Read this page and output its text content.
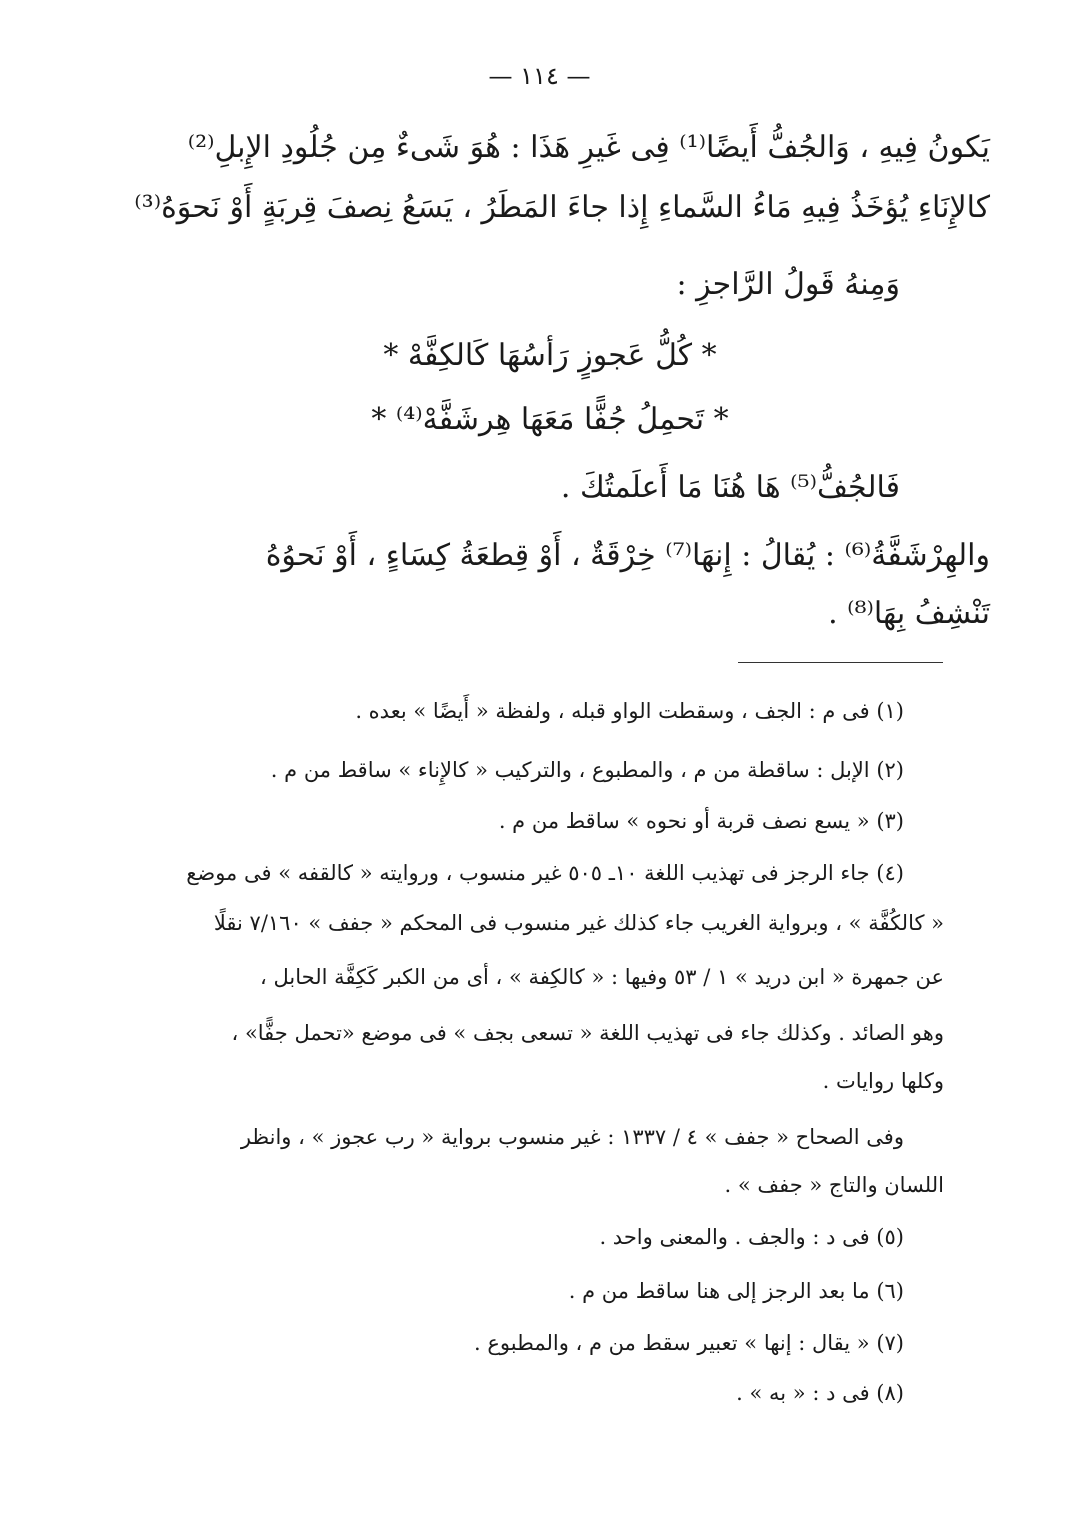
— ١١٤ —
يَكونُ فِيهِ ، وَالجُفُّ أَيضًا⁽¹⁾ فِى غَيرِ هَذَا : هُوَ شَىءٌ مِن جُلُودِ الإِبلِ⁽²⁾
كالإِنَاءِ يُؤخَذُ فِيهِ مَاءُ السَّماءِ إِذا جاءَ المَطَرُ ، يَسَعُ نِصفَ قِربَةٍ أَوْ نَحوَهُ⁽³⁾
وَمِنهُ قَولُ الرَّاجزِ :
* كُلُّ عَجوزٍ رَأسُهَا كَالكِفَّهْ *
* تَحمِلُ جُفًّا مَعَهَا هِرشَفَّهْ⁽⁴⁾ *
فَالجُفُّ⁽⁵⁾ هَا هُنَا مَا أَعلَمتُكَ .
والهِرْشَفَّةُ⁽⁶⁾ : يُقالُ : إِنهَا⁽⁷⁾ خِرْقَةٌ ، أَوْ قِطعَةُ كِسَاءٍ ، أَوْ نَحوُهُ
تَنْشِفُ بِهَا⁽⁸⁾ .
(١) فى م : الجف ، وسقطت الواو قبله ، ولفظة « أَيضًا » بعده .
(٢) الإبل : ساقطة من م ، والمطبوع ، والتركيب « كالإِناء » ساقط من م .
(٣) « يسع نصف قربة أو نحوه » ساقط من م .
(٤) جاء الرجز فى تهذيب اللغة ١٠ـ ٥٠٥ غير منسوب ، وروايته « كالقفه » فى موضع
« كالكُفَّة » ، وبرواية الغريب جاء كذلك غير منسوب فى المحكم « جفف » ٧/١٦٠ نقلًا
عن جمهرة « ابن دريد » ١ / ٥٣ وفيها : « كالكِفة » ، أى من الكبر كَكِفَّة الحابل ،
وهو الصائد . وكذلك جاء فى تهذيب اللغة « تسعى بجف » فى موضع «تحمل جفًّا» ،
وكلها روايات .
وفى الصحاح « جفف » ٤ / ١٣٣٧ : غير منسوب برواية « رب عجوز » ، وانظر
اللسان والتاج « جفف » .
(٥) فى د : والجف . والمعنى واحد .
(٦) ما بعد الرجز إلى هنا ساقط من م .
(٧) « يقال : إنها » تعبير سقط من م ، والمطبوع .
(٨) فى د : « به » .
